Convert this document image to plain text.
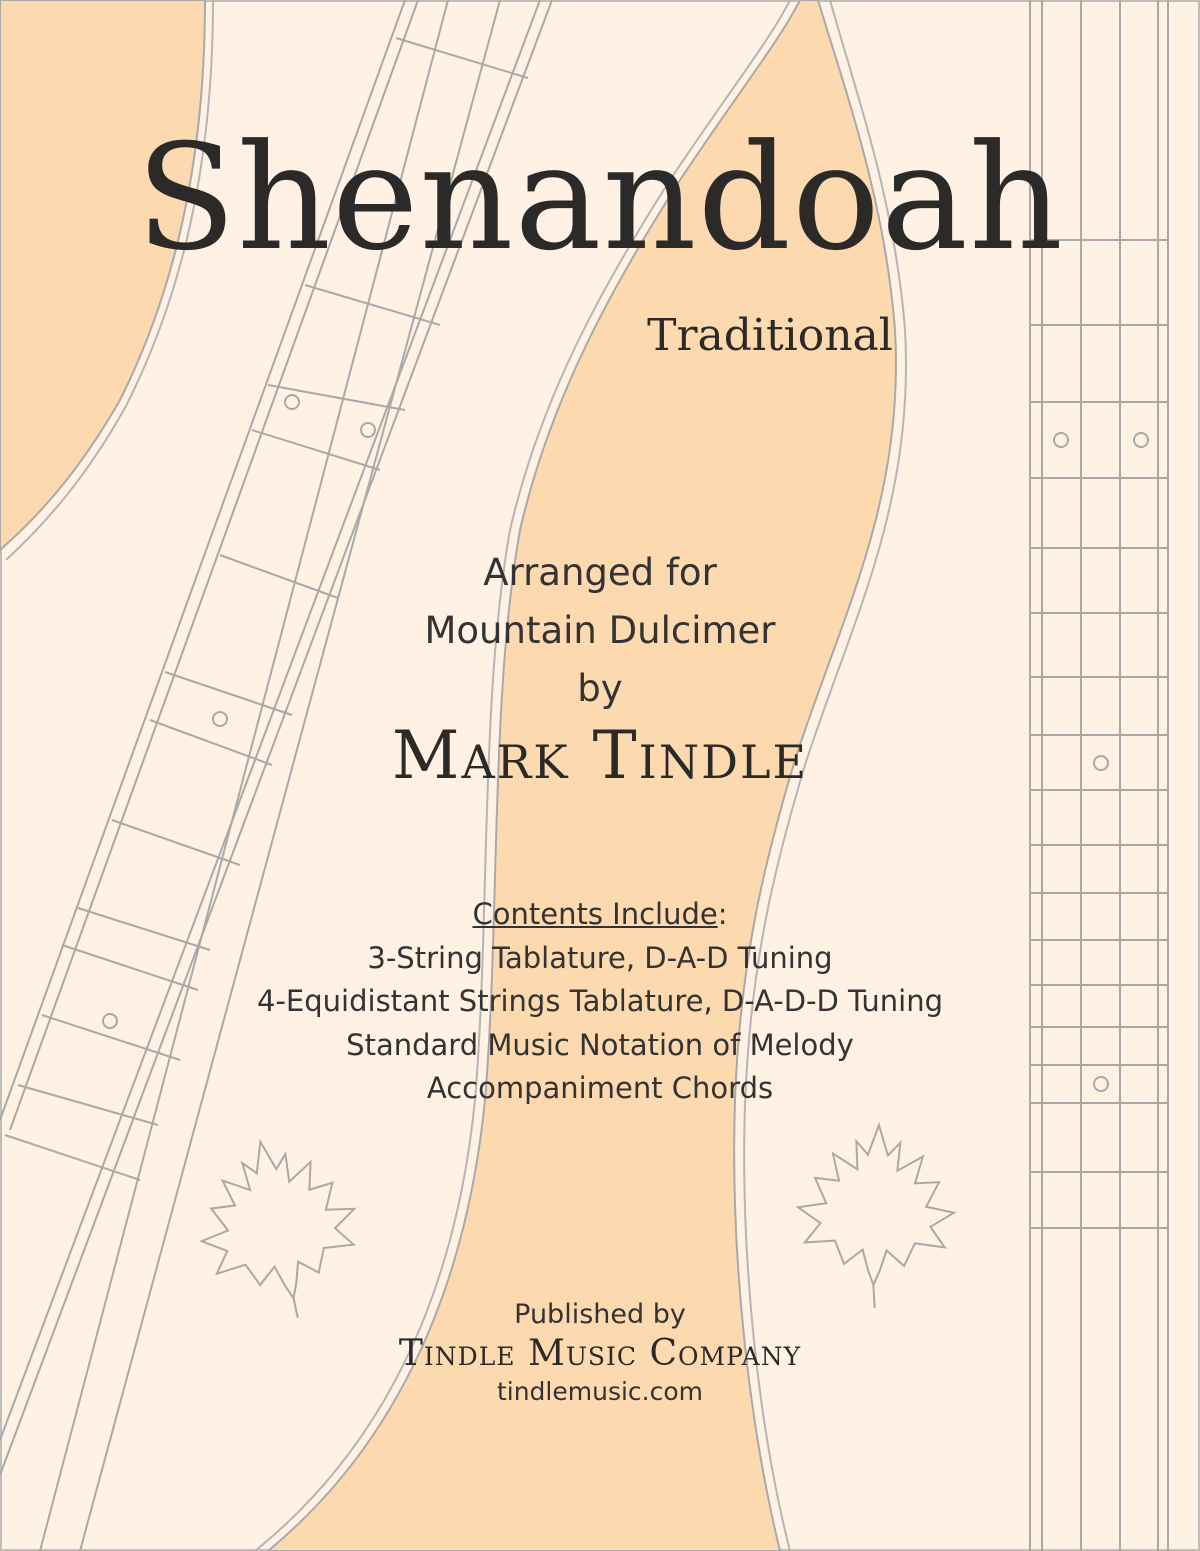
Shenandoah
Traditional
Arranged for
Mountain Dulcimer
by
Mark Tindle
Contents Include:
3-String Tablature, D-A-D Tuning
4-Equidistant Strings Tablature, D-A-D-D Tuning
Standard Music Notation of Melody
Accompaniment Chords
Published by
Tindle Music Company
tindlemusic.com
